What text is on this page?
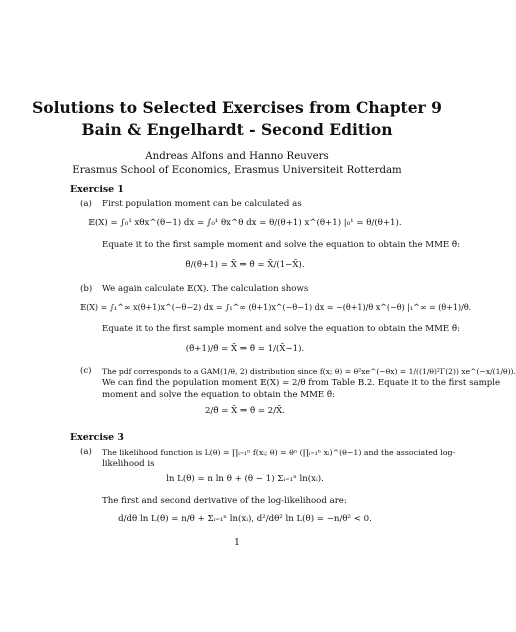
Solutions to Selected Exercises from Chapter 9
Bain & Engelhardt - Second Edition
Andreas Alfons and Hanno Reuvers
Erasmus School of Economics, Erasmus Universiteit Rotterdam
Exercise 1
(a) First population moment can be calculated as
𝔼(X) = ∫₀¹ xθx^(θ−1) dx = ∫₀¹ θx^θ dx = θ/(θ+1) x^(θ+1) |₀¹ = θ/(θ+1).
Equate it to the first sample moment and solve the equation to obtain the MME θ̃:
θ̃/(θ̃+1) = X̄ ⇒ θ̃ = X̄/(1−X̄).
(b) We again calculate 𝔼(X). The calculation shows
𝔼(X) = ∫₁^∞ x(θ+1)x^(−θ−2) dx = ∫₁^∞ (θ+1)x^(−θ−1) dx = −(θ+1)/θ x^(−θ) |₁^∞ = (θ+1)/θ.
Equate it to the first sample moment and solve the equation to obtain the MME θ̃:
(θ̃+1)/θ̃ = X̄ ⇒ θ̃ = 1/(X̄−1).
(c) The pdf corresponds to a GAM(1/θ, 2) distribution since f(x; θ) = θ²xe^(−θx) = 1/((1/θ)²Γ(2)) xe^(−x/(1/θ)).
We can find the population moment 𝔼(X) = 2/θ from Table B.2. Equate it to the first sample
moment and solve the equation to obtain the MME θ̃:
2/θ̃ = X̄ ⇒ θ̃ = 2/X̄.
Exercise 3
(a) The likelihood function is L(θ) = ∏ᵢ₌₁ⁿ f(xᵢ; θ) = θⁿ (∏ᵢ₌₁ⁿ xᵢ)^(θ−1) and the associated log-
likelihood is
ln L(θ) = n ln θ + (θ − 1) Σᵢ₌₁ⁿ ln(xᵢ).
The first and second derivative of the log-likelihood are:
d/dθ ln L(θ) = n/θ + Σᵢ₌₁ⁿ ln(xᵢ), d²/dθ² ln L(θ) = −n/θ² < 0.
1
